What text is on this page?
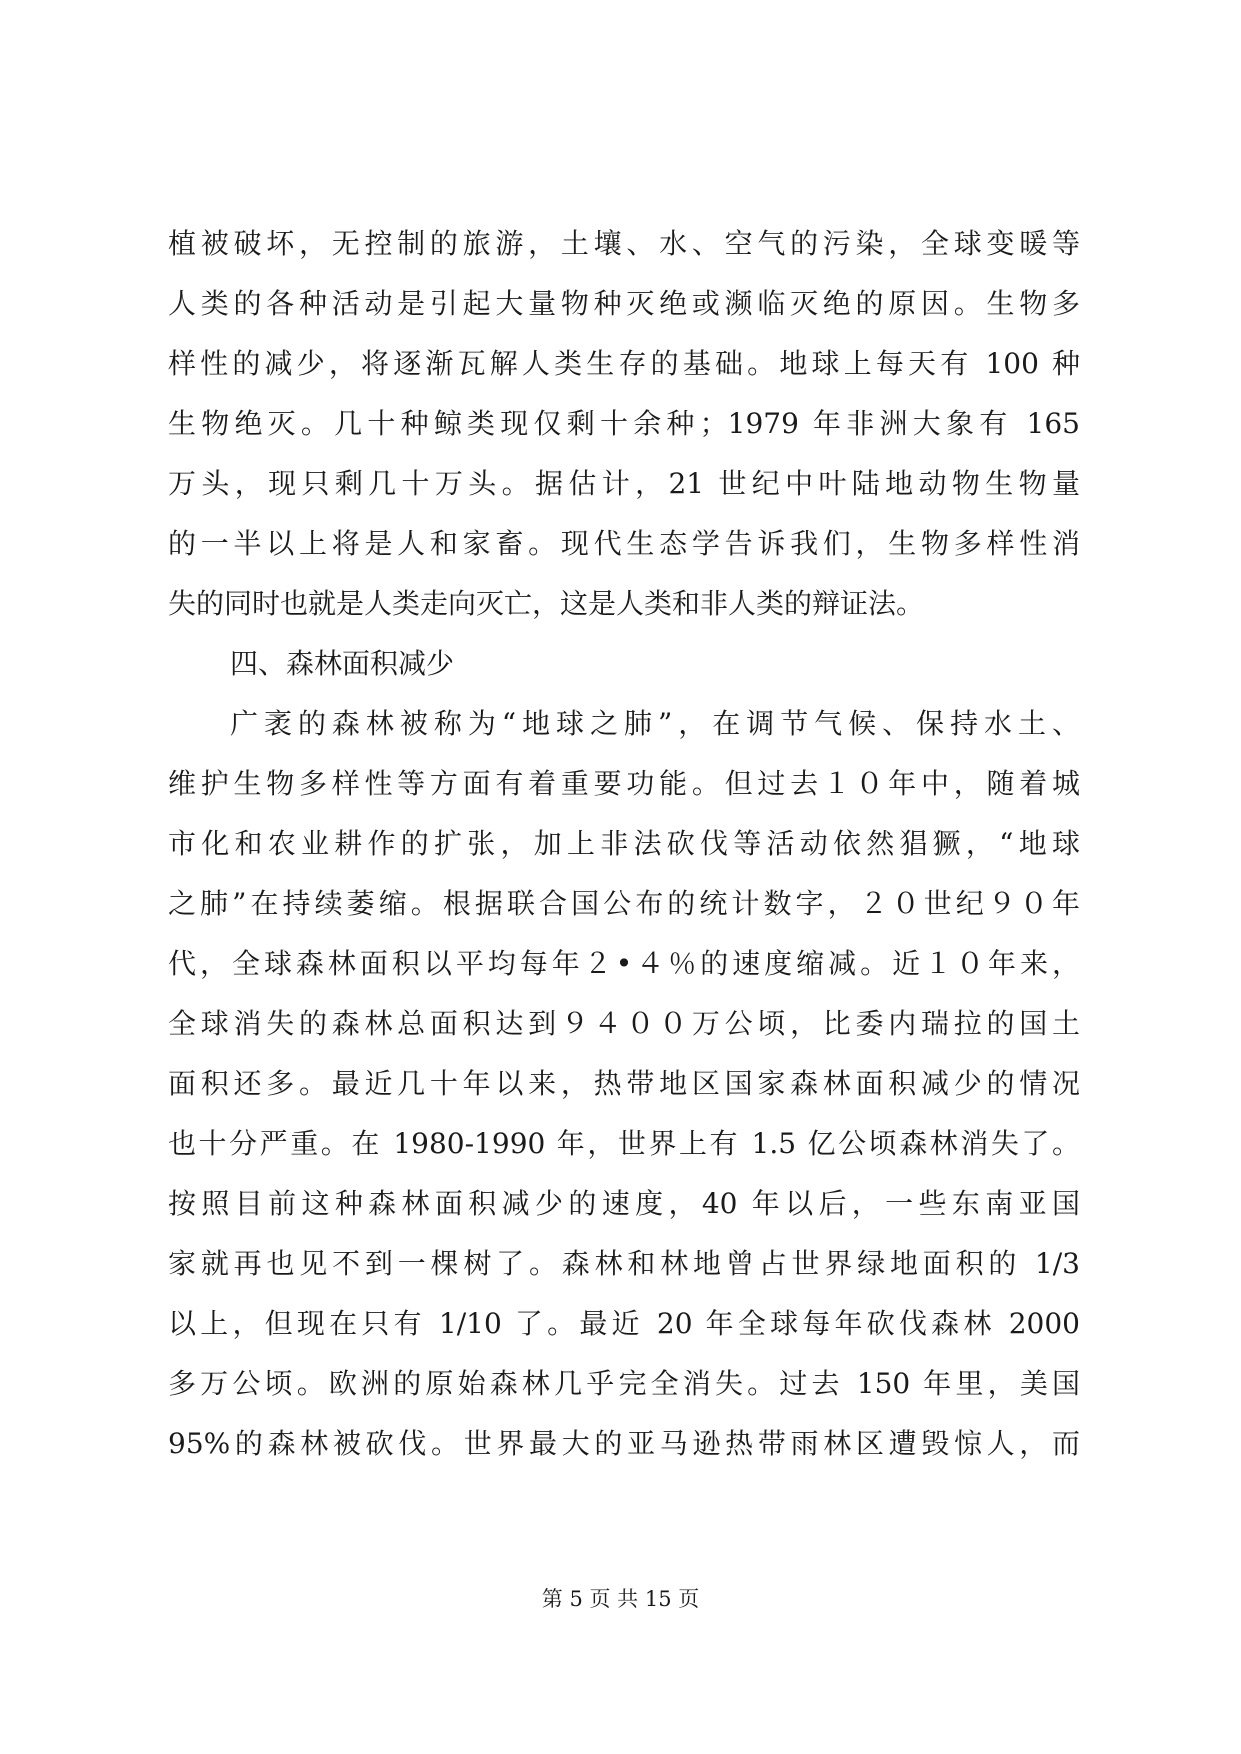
植被破坏，无控制的旅游，土壤、水、空气的污染，全球变暖等
人类的各种活动是引起大量物种灭绝或濒临灭绝的原因。生物多
样性的减少，将逐渐瓦解人类生存的基础。地球上每天有 100 种
生物绝灭。几十种鲸类现仅剩十余种；1979 年非洲大象有 165
万头，现只剩几十万头。据估计，21 世纪中叶陆地动物生物量
的一半以上将是人和家畜。现代生态学告诉我们，生物多样性消
失的同时也就是人类走向灭亡，这是人类和非人类的辩证法。
四、森林面积减少
广袤的森林被称为“地球之肺”，在调节气候、保持水土、
维护生物多样性等方面有着重要功能。但过去１０年中，随着城
市化和农业耕作的扩张，加上非法砍伐等活动依然猖獗，“地球
之肺”在持续萎缩。根据联合国公布的统计数字，２０世纪９０年
代，全球森林面积以平均每年２•４％的速度缩减。近１０年来，
全球消失的森林总面积达到９４００万公顷，比委内瑞拉的国土
面积还多。最近几十年以来，热带地区国家森林面积减少的情况
也十分严重。在 1980-1990 年，世界上有 1.5 亿公顷森林消失了。
按照目前这种森林面积减少的速度，40 年以后，一些东南亚国
家就再也见不到一棵树了。森林和林地曾占世界绿地面积的 1/3
以上，但现在只有 1/10 了。最近 20 年全球每年砍伐森林 2000
多万公顷。欧洲的原始森林几乎完全消失。过去 150 年里，美国
95%的森林被砍伐。世界最大的亚马逊热带雨林区遭毁惊人，而
第 5 页 共 15 页
